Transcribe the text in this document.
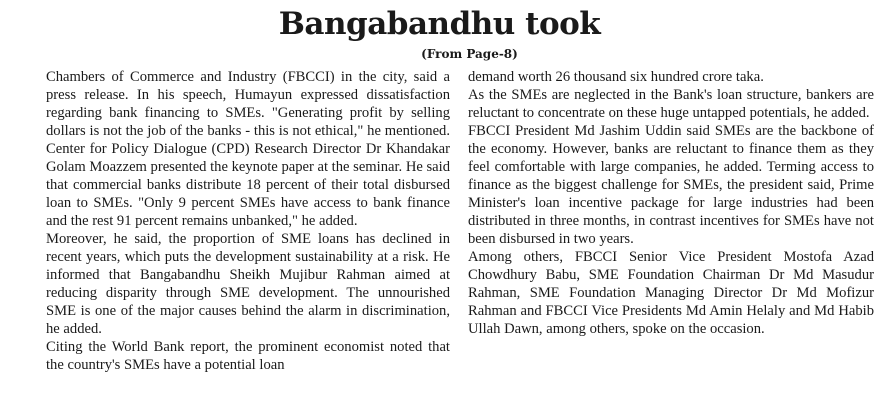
Bangabandhu took
(From Page-8)

Chambers of Commerce and Industry (FBCCI) in the city, said a press release. In his speech, Humayun expressed dissatisfaction regarding bank financing to SMEs. "Generating profit by selling dollars is not the job of the banks - this is not ethical," he mentioned. Center for Policy Dialogue (CPD) Research Director Dr Khandakar Golam Moazzem presented the keynote paper at the seminar. He said that commercial banks distribute 18 percent of their total disbursed loan to SMEs. "Only 9 percent SMEs have access to bank finance and the rest 91 percent remains unbanked," he added.

Moreover, he said, the proportion of SME loans has declined in recent years, which puts the development sustainability at a risk. He informed that Bangabandhu Sheikh Mujibur Rahman aimed at reducing disparity through SME development. The unnourished SME is one of the major causes behind the alarm in discrimination, he added.

Citing the World Bank report, the prominent economist noted that the country's SMEs have a potential loan

demand worth 26 thousand six hundred crore taka.

As the SMEs are neglected in the Bank's loan structure, bankers are reluctant to concentrate on these huge untapped potentials, he added.

FBCCI President Md Jashim Uddin said SMEs are the backbone of the economy. However, banks are reluctant to finance them as they feel comfortable with large companies, he added. Terming access to finance as the biggest challenge for SMEs, the president said, Prime Minister's loan incentive package for large industries had been distributed in three months, in contrast incentives for SMEs have not been disbursed in two years.

Among others, FBCCI Senior Vice President Mostofa Azad Chowdhury Babu, SME Foundation Chairman Dr Md Masudur Rahman, SME Foundation Managing Director Dr Md Mofizur Rahman and FBCCI Vice Presidents Md Amin Helaly and Md Habib Ullah Dawn, among others, spoke on the occasion.
